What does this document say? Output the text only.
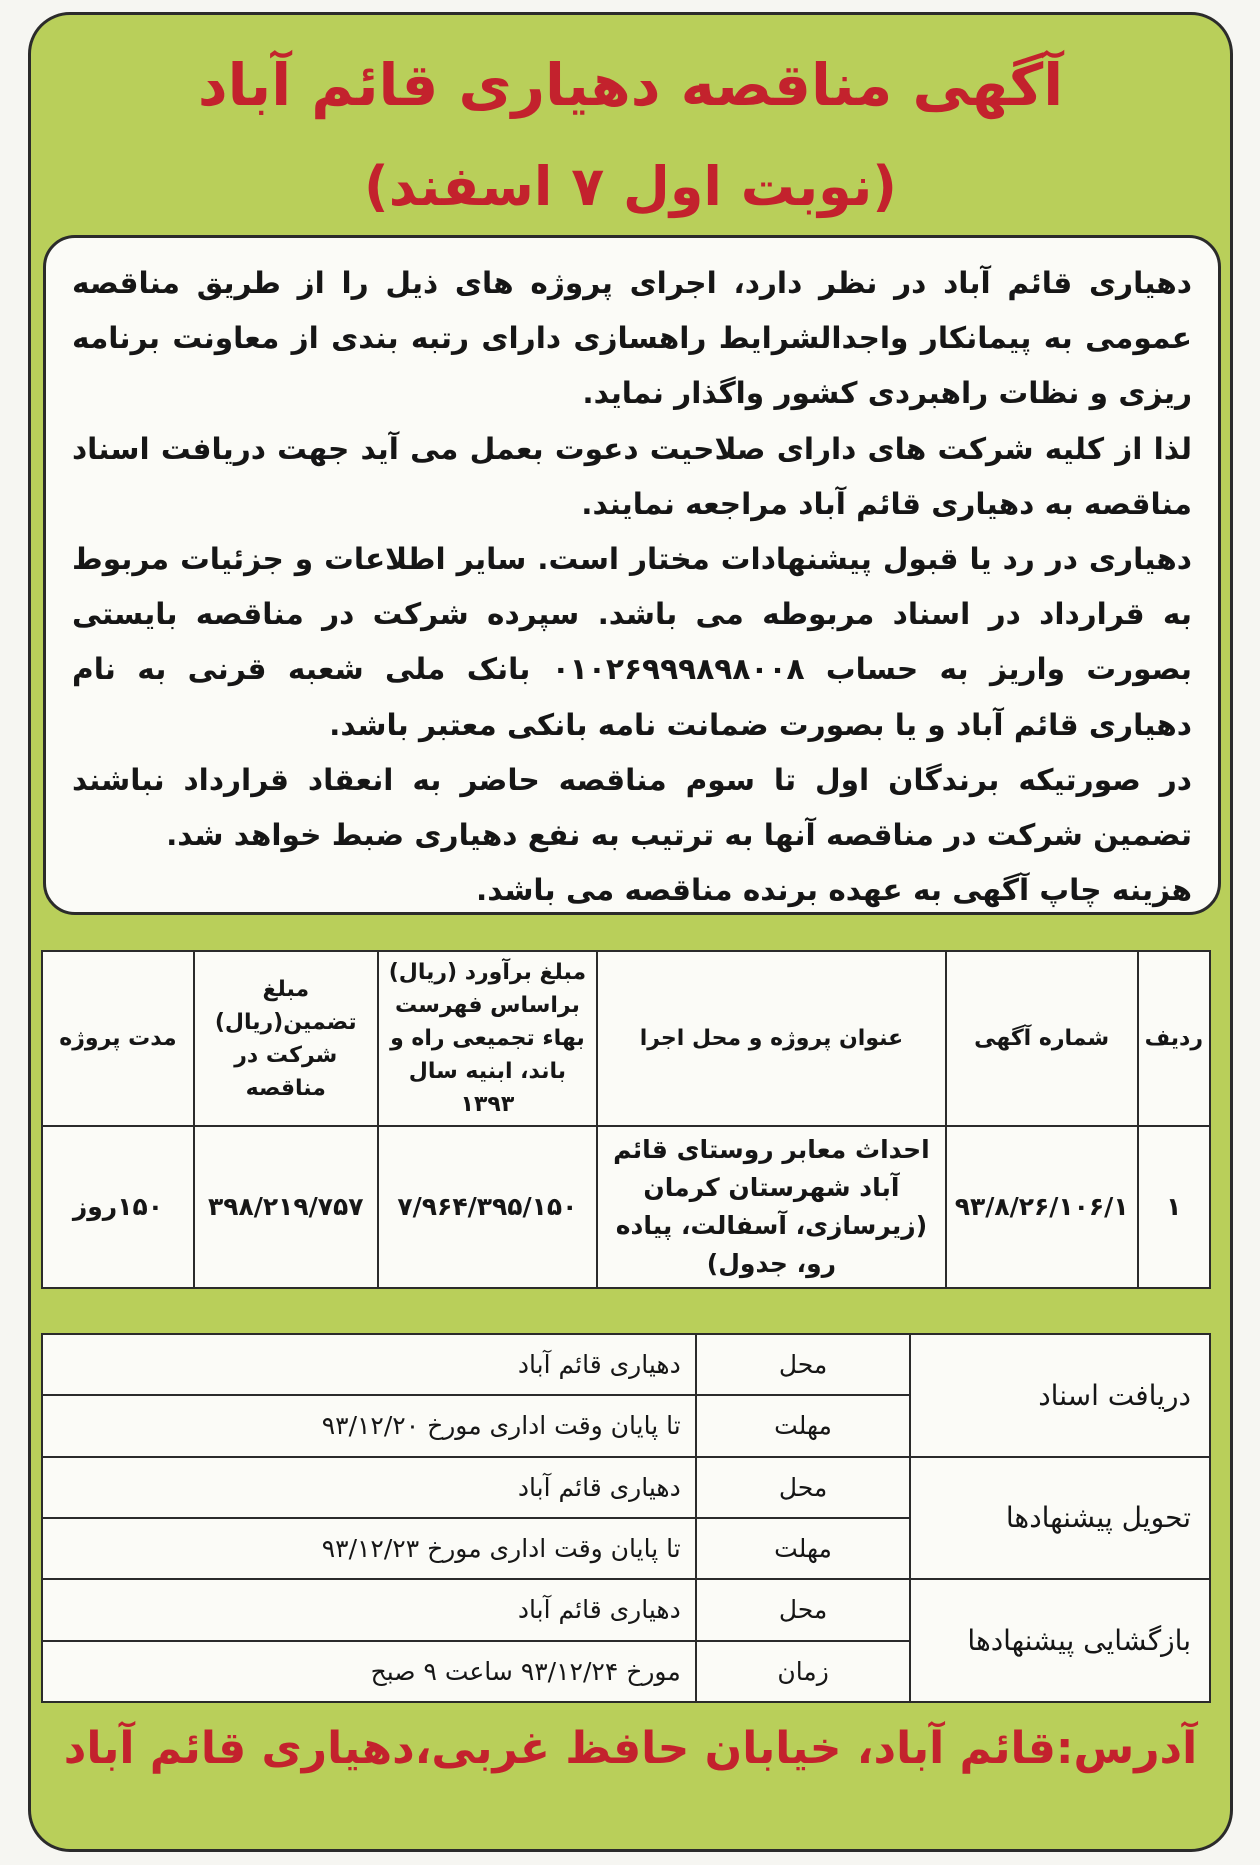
آگهی مناقصه دهیاری قائم آباد
(نوبت اول ۷ اسفند)

دهیاری قائم آباد در نظر دارد، اجرای پروژه های ذیل را از طریق مناقصه عمومی به پیمانکار واجدالشرایط راهسازی دارای رتبه بندی از معاونت برنامه ریزی و نظات راهبردی کشور واگذار نماید.

لذا از کلیه شرکت های دارای صلاحیت دعوت بعمل می آید جهت دریافت اسناد مناقصه به دهیاری قائم آباد مراجعه نمایند.

دهیاری در رد یا قبول پیشنهادات مختار است. سایر اطلاعات و جزئیات مربوط به قرارداد در اسناد مربوطه می باشد. سپرده شرکت در مناقصه بایستی بصورت واریز به حساب ۰۱۰۲۶۹۹۹۸۹۸۰۰۸ بانک ملی شعبه قرنی به نام دهیاری قائم آباد و یا بصورت ضمانت نامه بانکی معتبر باشد.

در صورتیکه برندگان اول تا سوم مناقصه حاضر به انعقاد قرارداد نباشند تضمین شرکت در مناقصه آنها به ترتیب به نفع دهیاری ضبط خواهد شد.

هزینه چاپ آگهی به عهده برنده مناقصه می باشد.

ردیف	شماره آگهی	عنوان پروژه و محل اجرا	مبلغ برآورد (ریال) براساس فهرست بهاء تجمیعی راه و باند، ابنیه سال ۱۳۹۳	مبلغ تضمین(ریال) شرکت در مناقصه	مدت پروژه
۱	۹۳/۸/۲۶/۱۰۶/۱	احداث معابر روستای قائم آباد شهرستان کرمان (زیرسازی، آسفالت، پیاده رو، جدول)	۷/۹۶۴/۳۹۵/۱۵۰	۳۹۸/۲۱۹/۷۵۷	۱۵۰روز
دریافت اسناد	محل	دهیاری قائم آباد
	مهلت	تا پایان وقت اداری مورخ ۹۳/۱۲/۲۰
تحویل پیشنهادها	محل	دهیاری قائم آباد
	مهلت	تا پایان وقت اداری مورخ ۹۳/۱۲/۲۳
بازگشایی پیشنهادها	محل	دهیاری قائم آباد
	زمان	مورخ ۹۳/۱۲/۲۴ ساعت ۹ صبح
آدرس:قائم آباد، خیابان حافظ غربی،دهیاری قائم آباد
